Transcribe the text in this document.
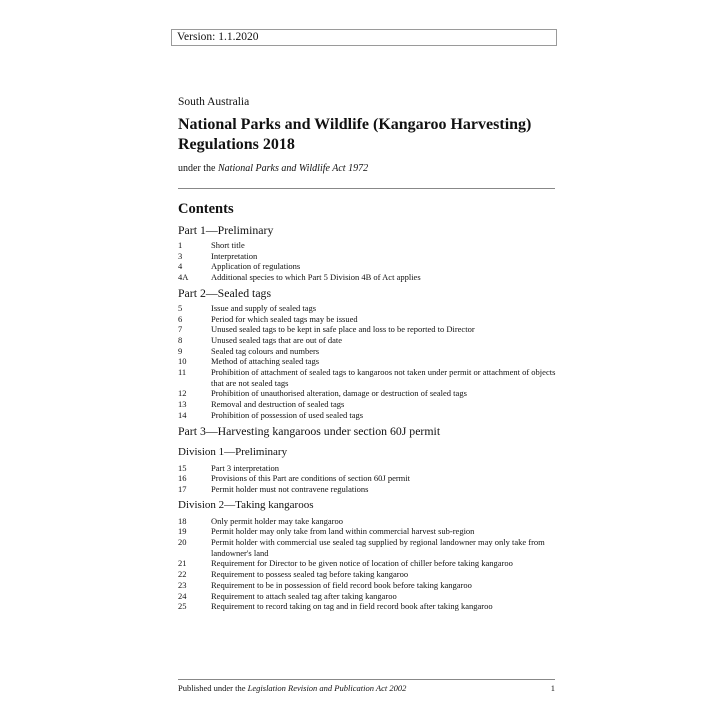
Version: 1.1.2020
South Australia
National Parks and Wildlife (Kangaroo Harvesting) Regulations 2018
under the National Parks and Wildlife Act 1972
Contents
Part 1—Preliminary
1	Short title
3	Interpretation
4	Application of regulations
4A	Additional species to which Part 5 Division 4B of Act applies
Part 2—Sealed tags
5	Issue and supply of sealed tags
6	Period for which sealed tags may be issued
7	Unused sealed tags to be kept in safe place and loss to be reported to Director
8	Unused sealed tags that are out of date
9	Sealed tag colours and numbers
10	Method of attaching sealed tags
11	Prohibition of attachment of sealed tags to kangaroos not taken under permit or attachment of objects that are not sealed tags
12	Prohibition of unauthorised alteration, damage or destruction of sealed tags
13	Removal and destruction of sealed tags
14	Prohibition of possession of used sealed tags
Part 3—Harvesting kangaroos under section 60J permit
Division 1—Preliminary
15	Part 3 interpretation
16	Provisions of this Part are conditions of section 60J permit
17	Permit holder must not contravene regulations
Division 2—Taking kangaroos
18	Only permit holder may take kangaroo
19	Permit holder may only take from land within commercial harvest sub-region
20	Permit holder with commercial use sealed tag supplied by regional landowner may only take from landowner's land
21	Requirement for Director to be given notice of location of chiller before taking kangaroo
22	Requirement to possess sealed tag before taking kangaroo
23	Requirement to be in possession of field record book before taking kangaroo
24	Requirement to attach sealed tag after taking kangaroo
25	Requirement to record taking on tag and in field record book after taking kangaroo
Published under the Legislation Revision and Publication Act 2002	1
